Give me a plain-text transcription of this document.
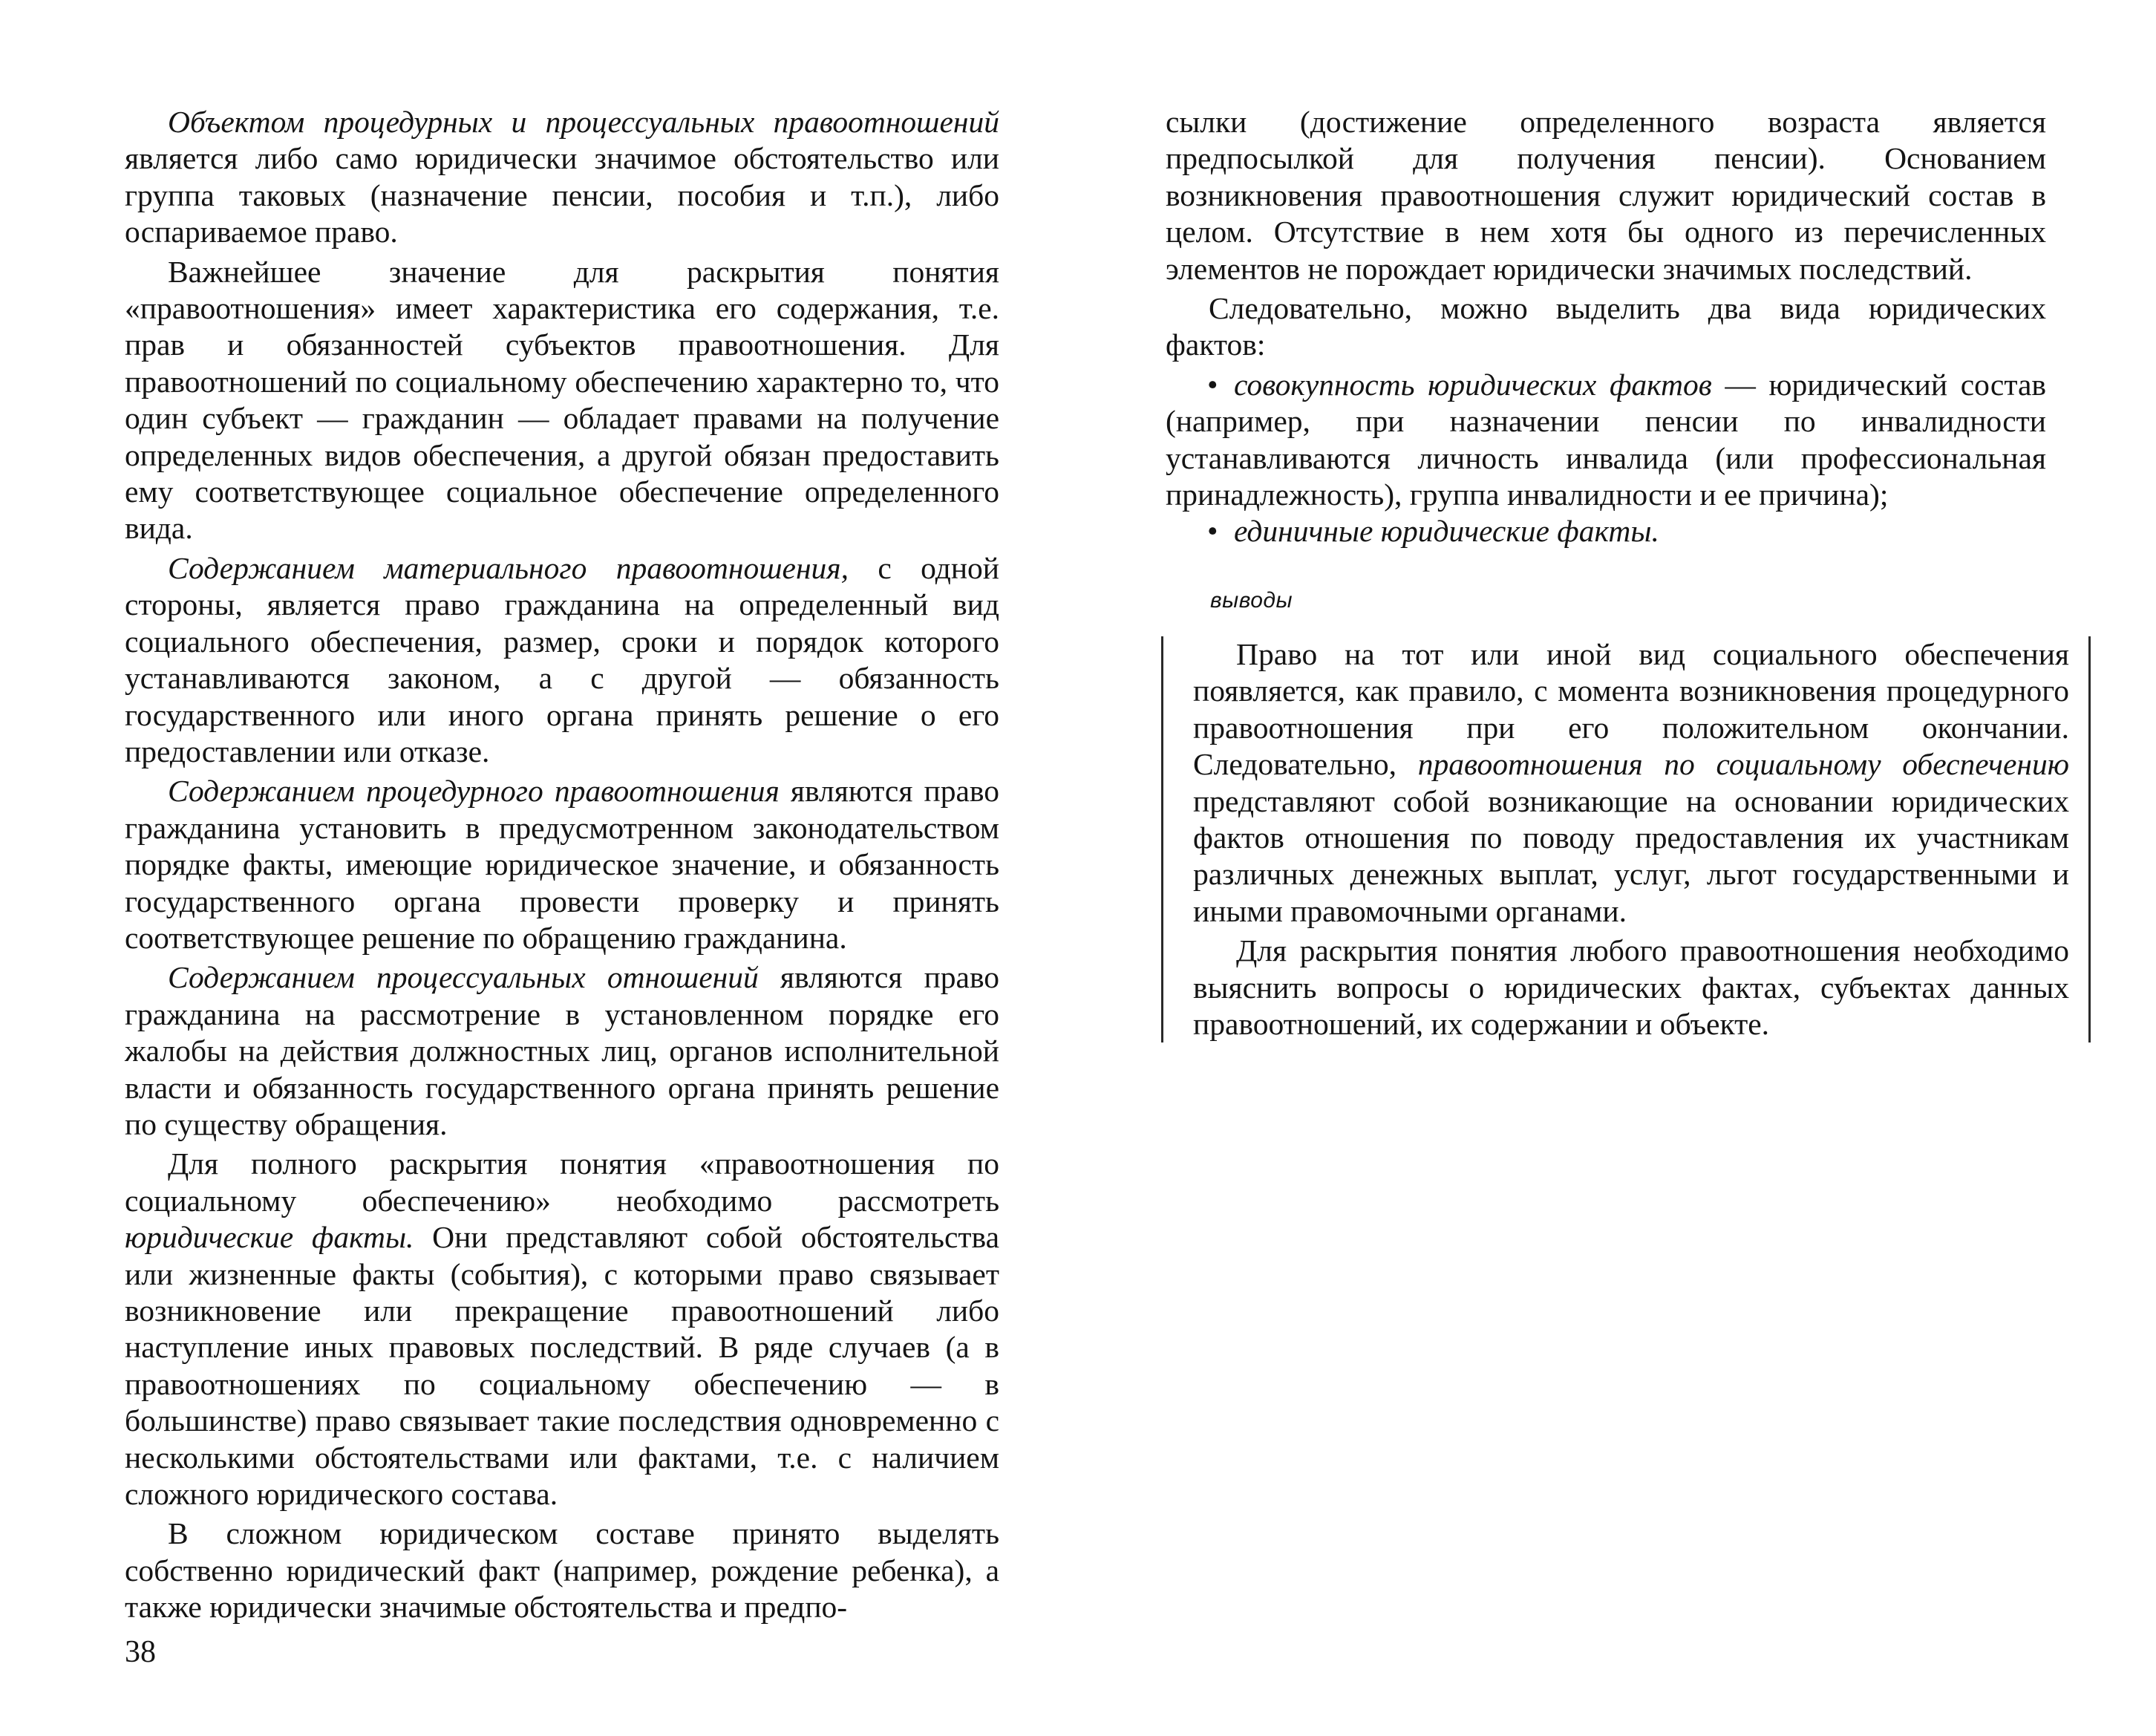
Объектом процедурных и процессуальных правоотношений является либо само юридически значимое обстоятельство или группа таковых (назначение пенсии, пособия и т.п.), либо оспариваемое право.

Важнейшее значение для раскрытия понятия «правоотношения» имеет характеристика его содержания, т.е. прав и обязанностей субъектов правоотношения. Для правоотношений по социальному обеспечению характерно то, что один субъект — гражданин — обладает правами на получение определенных видов обеспечения, а другой обязан предоставить ему соответствующее социальное обеспечение определенного вида.

Содержанием материального правоотношения, с одной стороны, является право гражданина на определенный вид социального обеспечения, размер, сроки и порядок которого устанавливаются законом, а с другой — обязанность государственного или иного органа принять решение о его предоставлении или отказе.

Содержанием процедурного правоотношения являются право гражданина установить в предусмотренном законодательством порядке факты, имеющие юридическое значение, и обязанность государственного органа провести проверку и принять соответствующее решение по обращению гражданина.

Содержанием процессуальных отношений являются право гражданина на рассмотрение в установленном порядке его жалобы на действия должностных лиц, органов исполнительной власти и обязанность государственного органа принять решение по существу обращения.

Для полного раскрытия понятия «правоотношения по социальному обеспечению» необходимо рассмотреть юридические факты. Они представляют собой обстоятельства или жизненные факты (события), с которыми право связывает возникновение или прекращение правоотношений либо наступление иных правовых последствий. В ряде случаев (а в правоотношениях по социальному обеспечению — в большинстве) право связывает такие последствия одновременно с несколькими обстоятельствами или фактами, т.е. с наличием сложного юридического состава.

В сложном юридическом составе принято выделять собственно юридический факт (например, рождение ребенка), а также юридически значимые обстоятельства и предпо-

38

сылки (достижение определенного возраста является предпосылкой для получения пенсии). Основанием возникновения правоотношения служит юридический состав в целом. Отсутствие в нем хотя бы одного из перечисленных элементов не порождает юридически значимых последствий.

Следовательно, можно выделить два вида юридических фактов:

• совокупность юридических фактов — юридический состав (например, при назначении пенсии по инвалидности устанавливаются личность инвалида (или профессиональная принадлежность), группа инвалидности и ее причина);

• единичные юридические факты.

выводы

Право на тот или иной вид социального обеспечения появляется, как правило, с момента возникновения процедурного правоотношения при его положительном окончании. Следовательно, правоотношения по социальному обеспечению представляют собой возникающие на основании юридических фактов отношения по поводу предоставления их участникам различных денежных выплат, услуг, льгот государственными и иными правомочными органами.

Для раскрытия понятия любого правоотношения необходимо выяснить вопросы о юридических фактах, субъектах данных правоотношений, их содержании и объекте.
